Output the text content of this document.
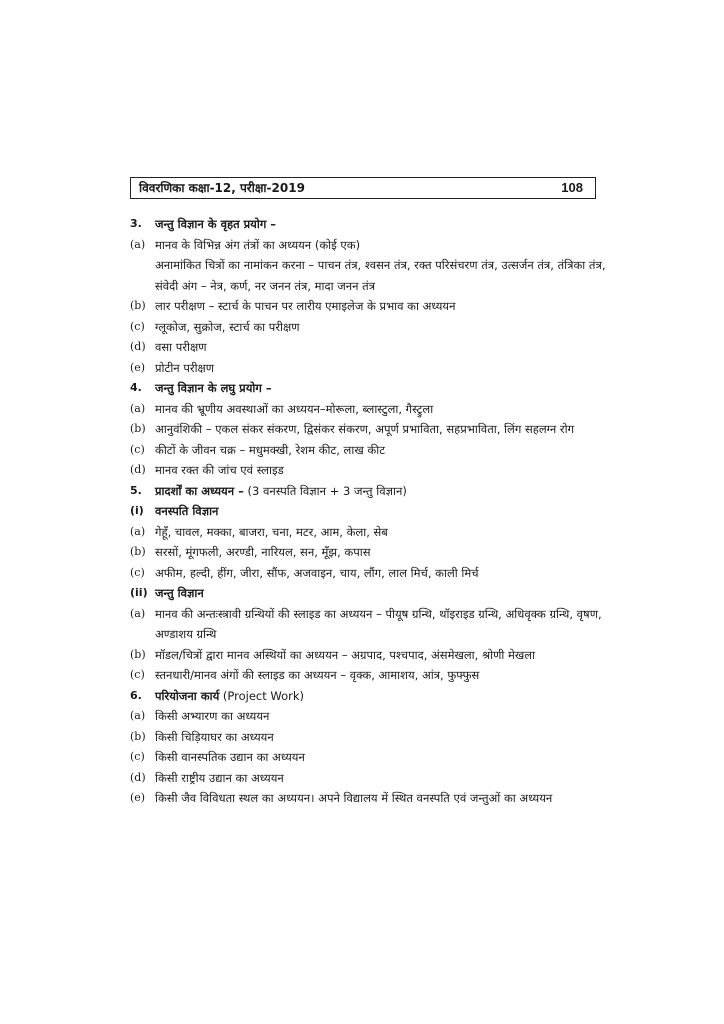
विवरणिका कक्षा-12, परीक्षा-2019	108
3. जन्तु विज्ञान के वृहत प्रयोग –
(a) मानव के विभिन्न अंग तंत्रों का अध्ययन (कोई एक)
अनामांकित चित्रों का नामांकन करना – पाचन तंत्र, श्वसन तंत्र, रक्त परिसंचरण तंत्र, उत्सर्जन तंत्र, तंत्रिका तंत्र, संवेदी अंग – नेत्र, कर्ण, नर जनन तंत्र, मादा जनन तंत्र
(b) लार परीक्षण – स्टार्च के पाचन पर लारीय एमाइलेज के प्रभाव का अध्ययन
(c) ग्लूकोज, सुक्रोज, स्टार्च का परीक्षण
(d) वसा परीक्षण
(e) प्रोटीन परीक्षण
4. जन्तु विज्ञान के लघु प्रयोग –
(a) मानव की भ्रूणीय अवस्थाओं का अध्ययन–मोरूला, ब्लास्टुला, गैस्ट्रुला
(b) आनुवंशिकी – एकल संकर संकरण, द्विसंकर संकरण, अपूर्ण प्रभाविता, सहप्रभाविता, लिंग सहलग्न रोग
(c) कीटों के जीवन चक्र – मधुमक्खी, रेशम कीट, लाख कीट
(d) मानव रक्त की जांच एवं स्लाइड
5. प्रादर्शों का अध्ययन – (3 वनस्पति विज्ञान + 3 जन्तु विज्ञान)
(i) वनस्पति विज्ञान
(a) गेहूँ, चावल, मक्का, बाजरा, चना, मटर, आम, केला, सेब
(b) सरसों, मूंगफली, अरण्डी, नारियल, सन, मूँझ, कपास
(c) अफीम, हल्दी, हींग, जीरा, सौंफ, अजवाइन, चाय, लौंग, लाल मिर्च, काली मिर्च
(ii) जन्तु विज्ञान
(a) मानव की अन्तःस्त्रावी ग्रन्थियों की स्लाइड का अध्ययन – पीयूष ग्रन्थि, थॉइराइड ग्रन्थि, अधिवृक्क ग्रन्थि, वृषण, अण्डाशय ग्रन्थि
(b) मॉडल/चित्रों द्वारा मानव अस्थियों का अध्ययन – अग्रपाद, पश्चपाद, अंसमेखला, श्रोणी मेखला
(c) स्तनधारी/मानव अंगों की स्लाइड का अध्ययन – वृक्क, आमाशय, आंत्र, फुफ्फुस
6. परियोजना कार्य (Project Work)
(a) किसी अभ्यारण का अध्ययन
(b) किसी चिड़ियाघर का अध्ययन
(c) किसी वानस्पतिक उद्यान का अध्ययन
(d) किसी राष्ट्रीय उद्यान का अध्ययन
(e) किसी जैव विविधता स्थल का अध्ययन। अपने विद्यालय में स्थित वनस्पति एवं जन्तुओं का अध्ययन
